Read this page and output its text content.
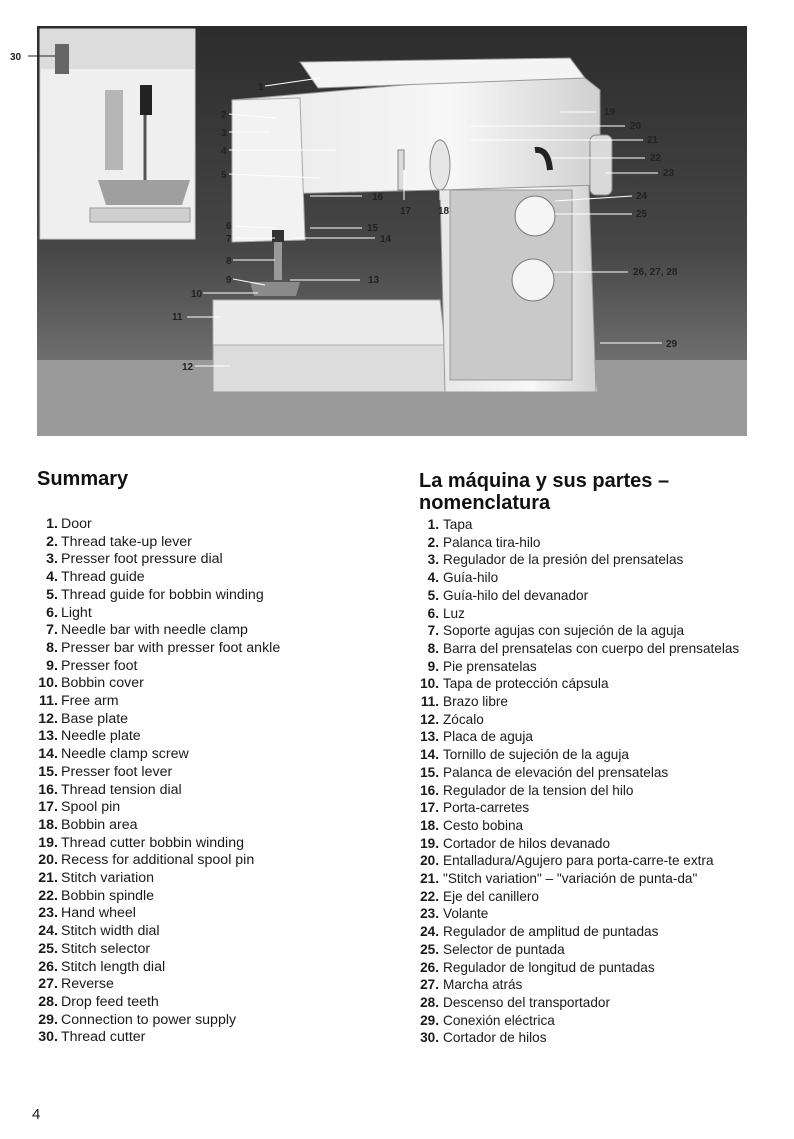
1
2
3
4
5
6
7
8
9
10
11
12
13
14
15
16
17	18
19
20
21
22
23
24
25
26, 27, 28
29
30
Summary
1. Door
2. Thread take-up lever
3. Presser foot pressure dial
4. Thread guide
5. Thread guide for bobbin winding
6. Light
7. Needle bar with needle clamp
8. Presser bar with presser foot ankle
9. Presser foot
10. Bobbin cover
11. Free arm
12. Base plate
13. Needle plate
14. Needle clamp screw
15. Presser foot lever
16. Thread tension dial
17. Spool pin
18. Bobbin area
19. Thread cutter bobbin winding
20. Recess for additional spool pin
21. Stitch variation
22. Bobbin spindle
23. Hand wheel
24. Stitch width dial
25. Stitch selector
26. Stitch length dial
27. Reverse
28. Drop feed teeth
29. Connection to power supply
30. Thread cutter
La máquina y sus partes –
nomenclatura
1. Tapa
2. Palanca tira-hilo
3. Regulador de la presión del prensatelas
4. Guía-hilo
5. Guía-hilo del devanador
6. Luz
7. Soporte agujas con sujeción de la aguja
8. Barra del prensatelas con cuerpo del prensatelas
9. Pie prensatelas
10. Tapa de protección cápsula
11. Brazo libre
12. Zócalo
13. Placa de aguja
14. Tornillo de sujeción de la aguja
15. Palanca de elevación del prensatelas
16. Regulador de la tension del hilo
17. Porta-carretes
18. Cesto bobina
19. Cortador de hilos devanado
20. Entalladura/Agujero para porta-carre-te extra
21. "Stitch variation" – "variación de punta-da"
22. Eje del canillero
23. Volante
24. Regulador de amplitud de puntadas
25. Selector de puntada
26. Regulador de longitud de puntadas
27. Marcha atrás
28. Descenso del transportador
29. Conexión eléctrica
30. Cortador de hilos
4
